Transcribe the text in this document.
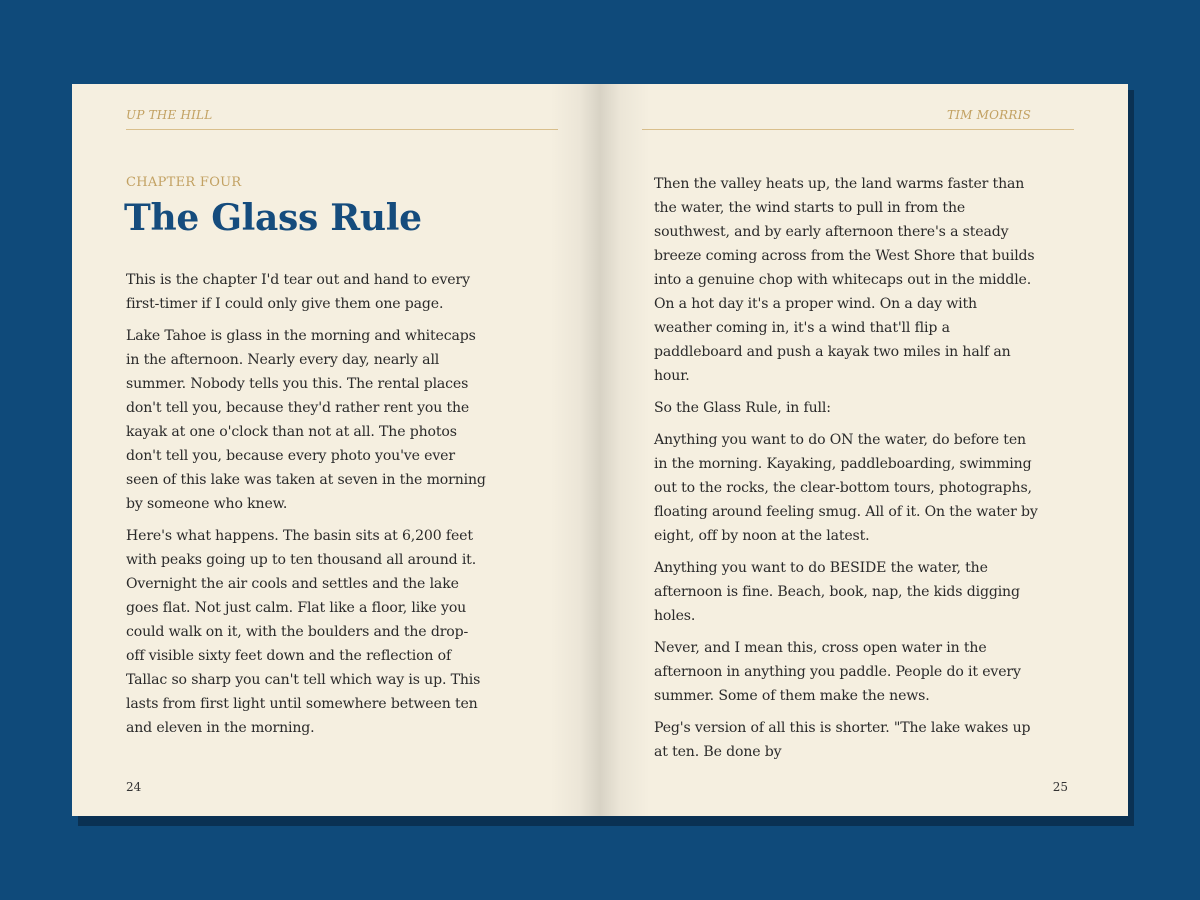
UP THE HILL
CHAPTER FOUR
The Glass Rule

This is the chapter I'd tear out and hand to every first-timer if I could only give them one page.

Lake Tahoe is glass in the morning and whitecaps in the afternoon. Nearly every day, nearly all summer. Nobody tells you this. The rental places don't tell you, because they'd rather rent you the kayak at one o'clock than not at all. The photos don't tell you, because every photo you've ever seen of this lake was taken at seven in the morning by someone who knew.

Here's what happens. The basin sits at 6,200 feet with peaks going up to ten thousand all around it. Overnight the air cools and settles and the lake goes flat. Not just calm. Flat like a floor, like you could walk on it, with the boulders and the drop-off visible sixty feet down and the reflection of Tallac so sharp you can't tell which way is up. This lasts from first light until somewhere between ten and eleven in the morning.

24
TIM MORRIS

Then the valley heats up, the land warms faster than the water, the wind starts to pull in from the southwest, and by early afternoon there's a steady breeze coming across from the West Shore that builds into a genuine chop with whitecaps out in the middle. On a hot day it's a proper wind. On a day with weather coming in, it's a wind that'll flip a paddleboard and push a kayak two miles in half an hour.

So the Glass Rule, in full:

Anything you want to do ON the water, do before ten in the morning. Kayaking, paddleboarding, swimming out to the rocks, the clear-bottom tours, photographs, floating around feeling smug. All of it. On the water by eight, off by noon at the latest.

Anything you want to do BESIDE the water, the afternoon is fine. Beach, book, nap, the kids digging holes.

Never, and I mean this, cross open water in the afternoon in anything you paddle. People do it every summer. Some of them make the news.

Peg's version of all this is shorter. "The lake wakes up at ten. Be done by

25
